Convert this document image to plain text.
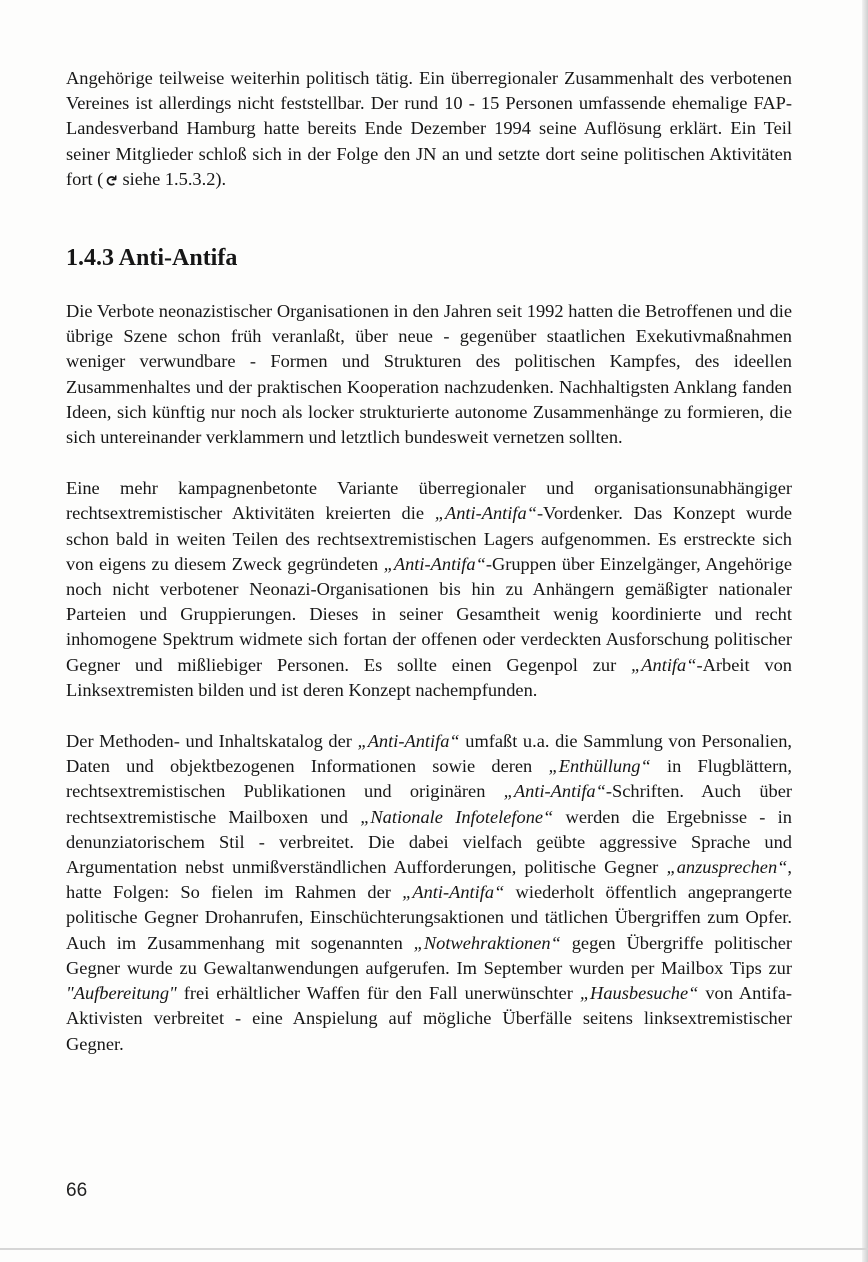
Angehörige teilweise weiterhin politisch tätig. Ein überregionaler Zusammenhalt des verbotenen Vereines ist allerdings nicht feststellbar. Der rund 10 - 15 Personen umfassende ehemalige FAP-Landesverband Hamburg hatte bereits Ende Dezember 1994 seine Auflösung erklärt. Ein Teil seiner Mitglieder schloß sich in der Folge den JN an und setzte dort seine politischen Aktivitäten fort (↻ siehe 1.5.3.2).

1.4.3 Anti-Antifa

Die Verbote neonazistischer Organisationen in den Jahren seit 1992 hatten die Betroffenen und die übrige Szene schon früh veranlaßt, über neue - gegenüber staatlichen Exekutivmaßnahmen weniger verwundbare - Formen und Strukturen des politischen Kampfes, des ideellen Zusammenhaltes und der praktischen Kooperation nachzudenken. Nachhaltigsten Anklang fanden Ideen, sich künftig nur noch als locker strukturierte autonome Zusammenhänge zu formieren, die sich untereinander verklammern und letztlich bundesweit vernetzen sollten.

Eine mehr kampagnenbetonte Variante überregionaler und organisationsunabhängiger rechtsextremistischer Aktivitäten kreierten die „Anti-Antifa“-Vordenker. Das Konzept wurde schon bald in weiten Teilen des rechtsextremistischen Lagers aufgenommen. Es erstreckte sich von eigens zu diesem Zweck gegründeten „Anti-Antifa“-Gruppen über Einzelgänger, Angehörige noch nicht verbotener Neonazi-Organisationen bis hin zu Anhängern gemäßigter nationaler Parteien und Gruppierungen. Dieses in seiner Gesamtheit wenig koordinierte und recht inhomogene Spektrum widmete sich fortan der offenen oder verdeckten Ausforschung politischer Gegner und mißliebiger Personen. Es sollte einen Gegenpol zur „Antifa“-Arbeit von Linksextremisten bilden und ist deren Konzept nachempfunden.

Der Methoden- und Inhaltskatalog der „Anti-Antifa“ umfaßt u.a. die Sammlung von Personalien, Daten und objektbezogenen Informationen sowie deren „Enthüllung“ in Flugblättern, rechtsextremistischen Publikationen und originären „Anti-Antifa“-Schriften. Auch über rechtsextremistische Mailboxen und „Nationale Infotelefone“ werden die Ergebnisse - in denunziatorischem Stil - verbreitet. Die dabei vielfach geübte aggressive Sprache und Argumentation nebst unmißverständlichen Aufforderungen, politische Gegner „anzusprechen“, hatte Folgen: So fielen im Rahmen der „Anti-Antifa“ wiederholt öffentlich angeprangerte politische Gegner Drohanrufen, Einschüchterungsaktionen und tätlichen Übergriffen zum Opfer. Auch im Zusammenhang mit sogenannten „Notwehraktionen“ gegen Übergriffe politischer Gegner wurde zu Gewaltanwendungen aufgerufen. Im September wurden per Mailbox Tips zur "Aufbereitung" frei erhältlicher Waffen für den Fall unerwünschter „Hausbesuche“ von Antifa-Aktivisten verbreitet - eine Anspielung auf mögliche Überfälle seitens linksextremistischer Gegner.

66
